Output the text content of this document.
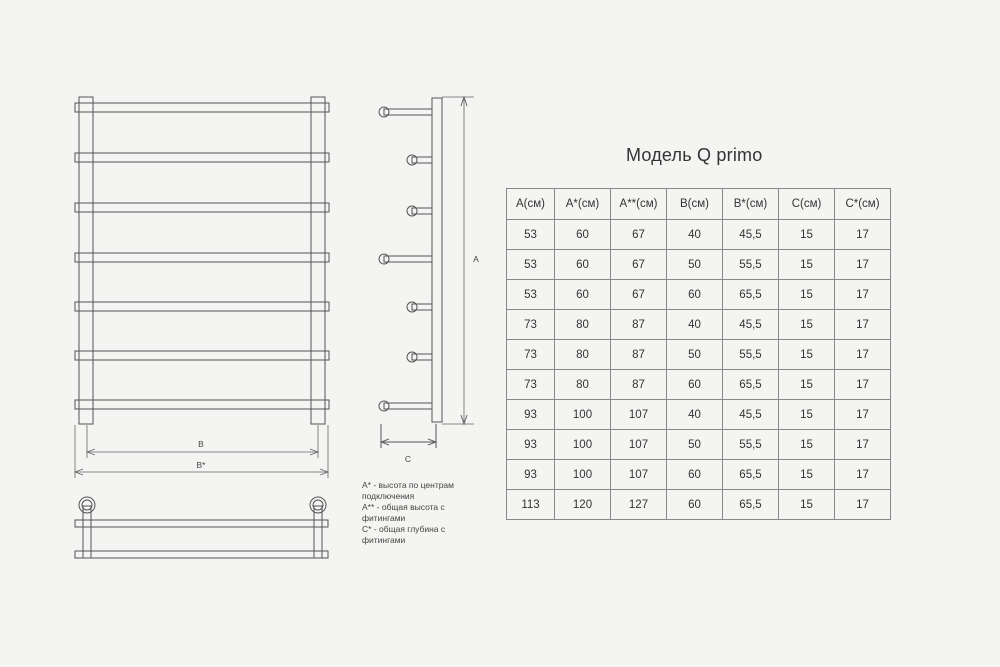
B
B*
C
A
Модель Q primo
A(см)	A*(см)	A**(см)	B(см)	B*(см)	C(см)	C*(см)
53	60	67	40	45,5	15	17
53	60	67	50	55,5	15	17
53	60	67	60	65,5	15	17
73	80	87	40	45,5	15	17
73	80	87	50	55,5	15	17
73	80	87	60	65,5	15	17
93	100	107	40	45,5	15	17
93	100	107	50	55,5	15	17
93	100	107	60	65,5	15	17
113	120	127	60	65,5	15	17
A* - высота по центрам
подключения
A** - общая высота с
фитингами
C* - общая глубина с
фитингами
